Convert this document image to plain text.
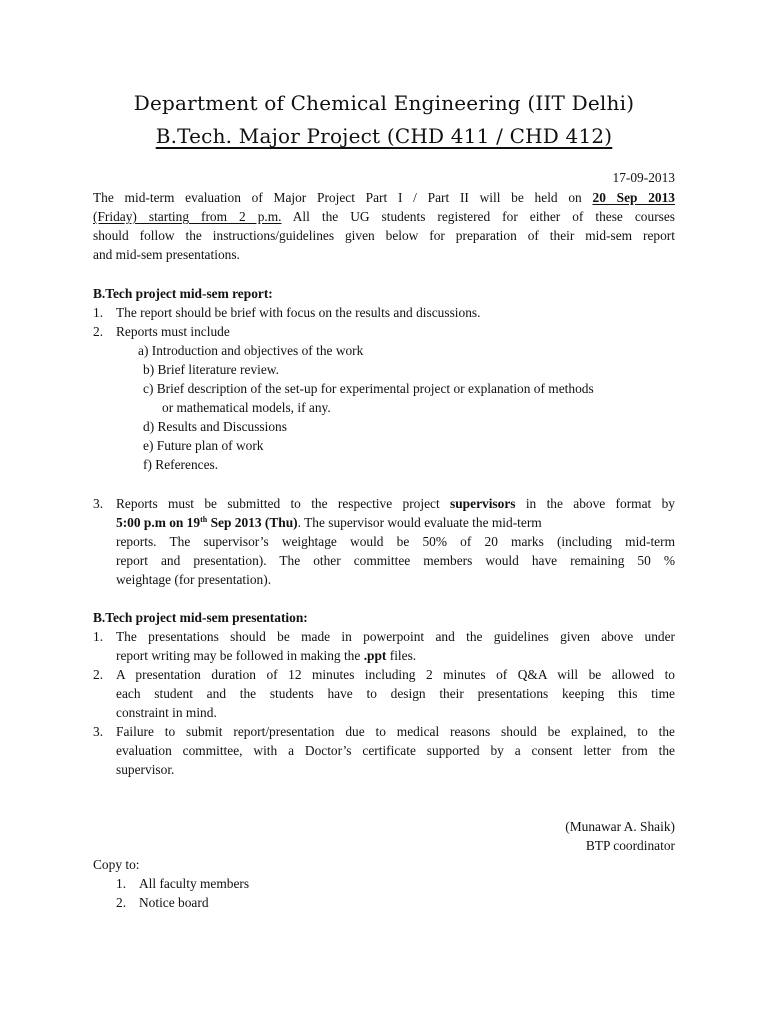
Department of Chemical Engineering (IIT Delhi)
B.Tech. Major Project (CHD 411 / CHD 412)
17-09-2013
The mid-term evaluation of Major Project Part I / Part II will be held on 20 Sep 2013
(Friday) starting from 2 p.m. All the UG students registered for either of these courses
should follow the instructions/guidelines given below for preparation of their mid-sem report
and mid-sem presentations.
B.Tech project mid-sem report:
1. The report should be brief with focus on the results and discussions.
2. Reports must include
a) Introduction and objectives of the work
b) Brief literature review.
c) Brief description of the set-up for experimental project or explanation of methods
or mathematical models, if any.
d) Results and Discussions
e) Future plan of work
f) References.
3. Reports must be submitted to the respective project supervisors in the above format by
5:00 p.m on 19th Sep 2013 (Thu). The supervisor would evaluate the mid-term
reports. The supervisor’s weightage would be 50% of 20 marks (including mid-term
report and presentation). The other committee members would have remaining 50 %
weightage (for presentation).
B.Tech project mid-sem presentation:
1. The presentations should be made in powerpoint and the guidelines given above under
report writing may be followed in making the .ppt files.
2. A presentation duration of 12 minutes including 2 minutes of Q&A will be allowed to
each student and the students have to design their presentations keeping this time
constraint in mind.
3. Failure to submit report/presentation due to medical reasons should be explained, to the
evaluation committee, with a Doctor’s certificate supported by a consent letter from the
supervisor.
(Munawar A. Shaik)
BTP coordinator
Copy to:
1. All faculty members
2. Notice board
